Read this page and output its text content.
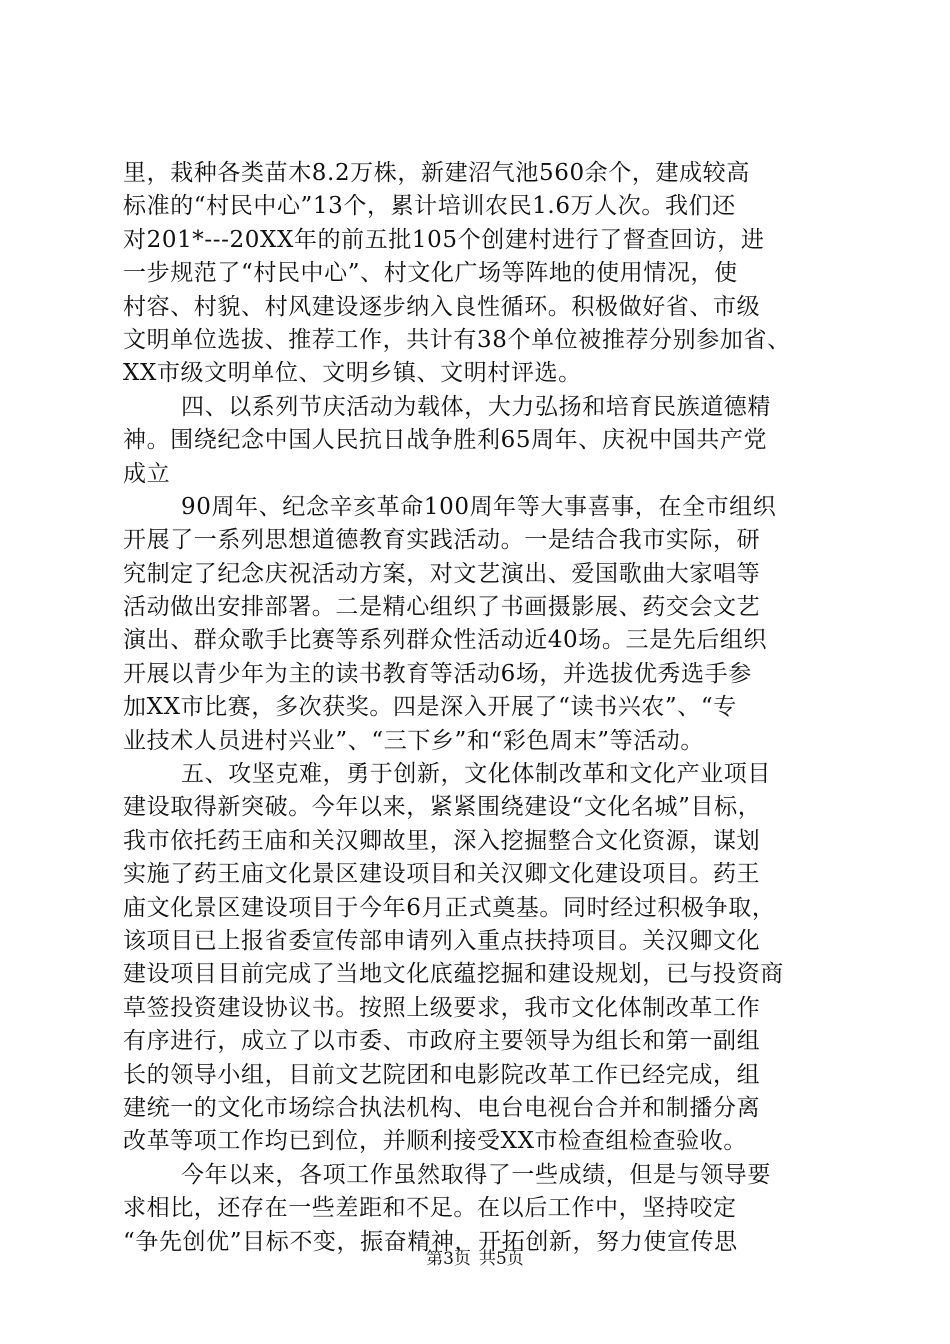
里，栽种各类苗木8.2万株，新建沼气池560余个，建成较高
标准的“村民中心”13个，累计培训农民1.6万人次。我们还
对201*---20XX年的前五批105个创建村进行了督查回访，进
一步规范了“村民中心”、村文化广场等阵地的使用情况，使
村容、村貌、村风建设逐步纳入良性循环。积极做好省、市级
文明单位选拔、推荐工作，共计有38个单位被推荐分别参加省、
XX市级文明单位、文明乡镇、文明村评选。
四、以系列节庆活动为载体，大力弘扬和培育民族道德精
神。围绕纪念中国人民抗日战争胜利65周年、庆祝中国共产党
成立
90周年、纪念辛亥革命100周年等大事喜事，在全市组织
开展了一系列思想道德教育实践活动。一是结合我市实际，研
究制定了纪念庆祝活动方案，对文艺演出、爱国歌曲大家唱等
活动做出安排部署。二是精心组织了书画摄影展、药交会文艺
演出、群众歌手比赛等系列群众性活动近40场。三是先后组织
开展以青少年为主的读书教育等活动6场，并选拔优秀选手参
加XX市比赛，多次获奖。四是深入开展了“读书兴农”、“专
业技术人员进村兴业”、“三下乡”和“彩色周末”等活动。
五、攻坚克难，勇于创新，文化体制改革和文化产业项目
建设取得新突破。今年以来，紧紧围绕建设“文化名城”目标，
我市依托药王庙和关汉卿故里，深入挖掘整合文化资源，谋划
实施了药王庙文化景区建设项目和关汉卿文化建设项目。药王
庙文化景区建设项目于今年6月正式奠基。同时经过积极争取，
该项目已上报省委宣传部申请列入重点扶持项目。关汉卿文化
建设项目目前完成了当地文化底蕴挖掘和建设规划，已与投资商
草签投资建设协议书。按照上级要求，我市文化体制改革工作
有序进行，成立了以市委、市政府主要领导为组长和第一副组
长的领导小组，目前文艺院团和电影院改革工作已经完成，组
建统一的文化市场综合执法机构、电台电视台合并和制播分离
改革等项工作均已到位，并顺利接受XX市检查组检查验收。
今年以来，各项工作虽然取得了一些成绩，但是与领导要
求相比，还存在一些差距和不足。在以后工作中，坚持咬定
“争先创优”目标不变，振奋精神，开拓创新，努力使宣传思
第3页 共5页
